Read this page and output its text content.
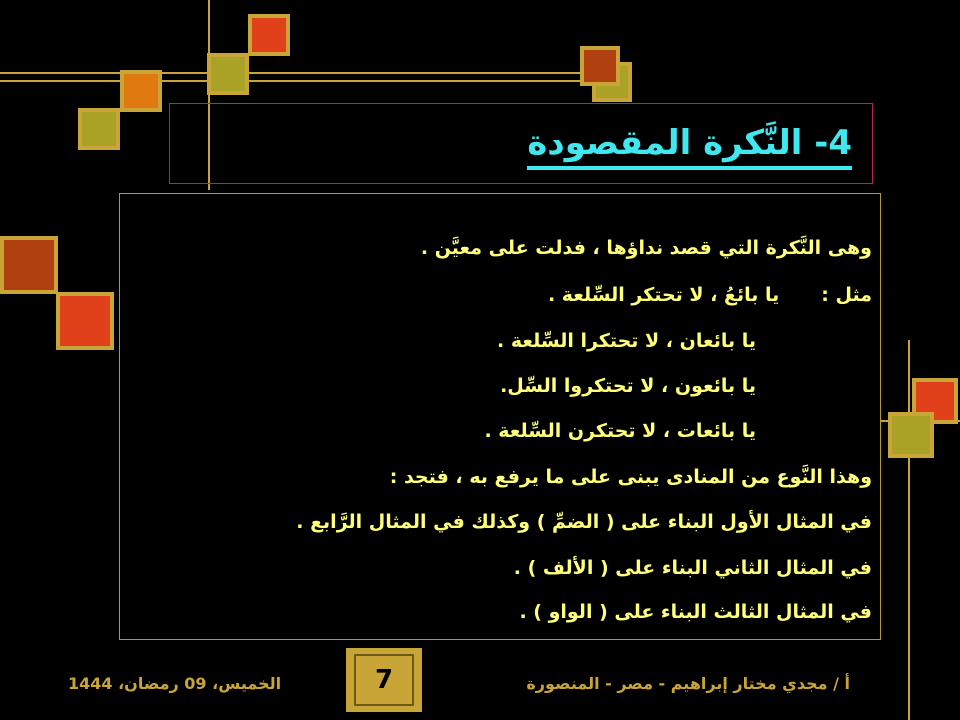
4- النَّكرة المقصودة
وهى النَّكرة التي قصد نداؤها ، فدلت على معيَّن .
مثل :يا بائعُ ، لا تحتكر السِّلعة .
يا بائعان ، لا تحتكرا السِّلعة .
يا بائعون ، لا تحتكروا السِّل.
يا بائعات ، لا تحتكرن السِّلعة .
وهذا النَّوع من المنادى يبنى على ما يرفع به ، فتجد :
في المثال الأول البناء على ( الضمِّ ) وكذلك في المثال الرَّابع .
في المثال الثاني البناء على ( الألف ) .
في المثال الثالث البناء على ( الواو ) .
الخميس، 09 رمضان، 1444	7	أ / مجدي مختار إبراهيم - مصر - المنصورة
